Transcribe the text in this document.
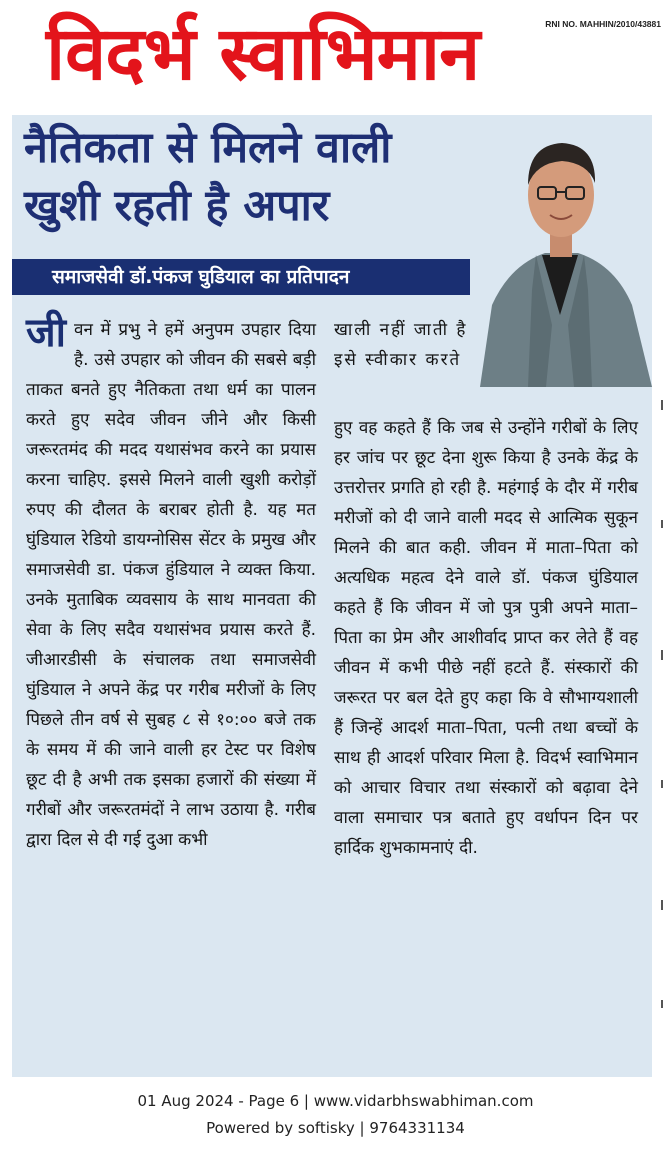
विदर्भ स्वाभिमान	RNI NO. MAHHIN/2010/43881
नैतिकता से मिलने वाली
खुशी रहती है अपार
समाजसेवी डॉ.पंकज घुडियाल का प्रतिपादन
जी वन में प्रभु ने हमें अनुपम उपहार दिया है. उसे उपहार को जीवन की सबसे बड़ी ताकत बनते हुए नैतिकता तथा धर्म का पालन करते हुए सदेव जीवन जीने और किसी जरूरतमंद की मदद यथासंभव करने का प्रयास करना चाहिए. इससे मिलने वाली खुशी करोड़ों रुपए की दौलत के बराबर होती है. यह मत घुंडियाल रेडियो डायग्नोसिस सेंटर के प्रमुख और समाजसेवी डा. पंकज हुंडियाल ने व्यक्त किया. उनके मुताबिक व्यवसाय के साथ मानवता की सेवा के लिए सदैव यथासंभव प्रयास करते हैं. जीआरडीसी के संचालक तथा समाजसेवी घुंडियाल ने अपने केंद्र पर गरीब मरीजों के लिए पिछले तीन वर्ष से सुबह ८ से १०:०० बजे तक के समय में की जाने वाली हर टेस्ट पर विशेष छूट दी है अभी तक इसका हजारों की संख्या में गरीबों और जरूरतमंदों ने लाभ उठाया है. गरीब द्वारा दिल से दी गई दुआ कभी

खाली नहीं जाती है इसे स्वीकार करते

हुए वह कहते हैं कि जब से उन्होंने गरीबों के लिए हर जांच पर छूट देना शुरू किया है उनके केंद्र के उत्तरोत्तर प्रगति हो रही है. महंगाई के दौर में गरीब मरीजों को दी जाने वाली मदद से आत्मिक सुकून मिलने की बात कही. जीवन में माता–पिता को अत्यधिक महत्व देने वाले डॉ. पंकज घुंडियाल कहते हैं कि जीवन में जो पुत्र पुत्री अपने माता–पिता का प्रेम और आशीर्वाद प्राप्त कर लेते हैं वह जीवन में कभी पीछे नहीं हटते हैं. संस्कारों की जरूरत पर बल देते हुए कहा कि वे सौभाग्यशाली हैं जिन्हें आदर्श माता–पिता, पत्नी तथा बच्चों के साथ ही आदर्श परिवार मिला है. विदर्भ स्वाभिमान को आचार विचार तथा संस्कारों को बढ़ावा देने वाला समाचार पत्र बताते हुए वर्धापन दिन पर हार्दिक शुभकामनाएं दी.

01 Aug 2024 - Page 6 | www.vidarbhswabhiman.com
Powered by softisky | 9764331134
